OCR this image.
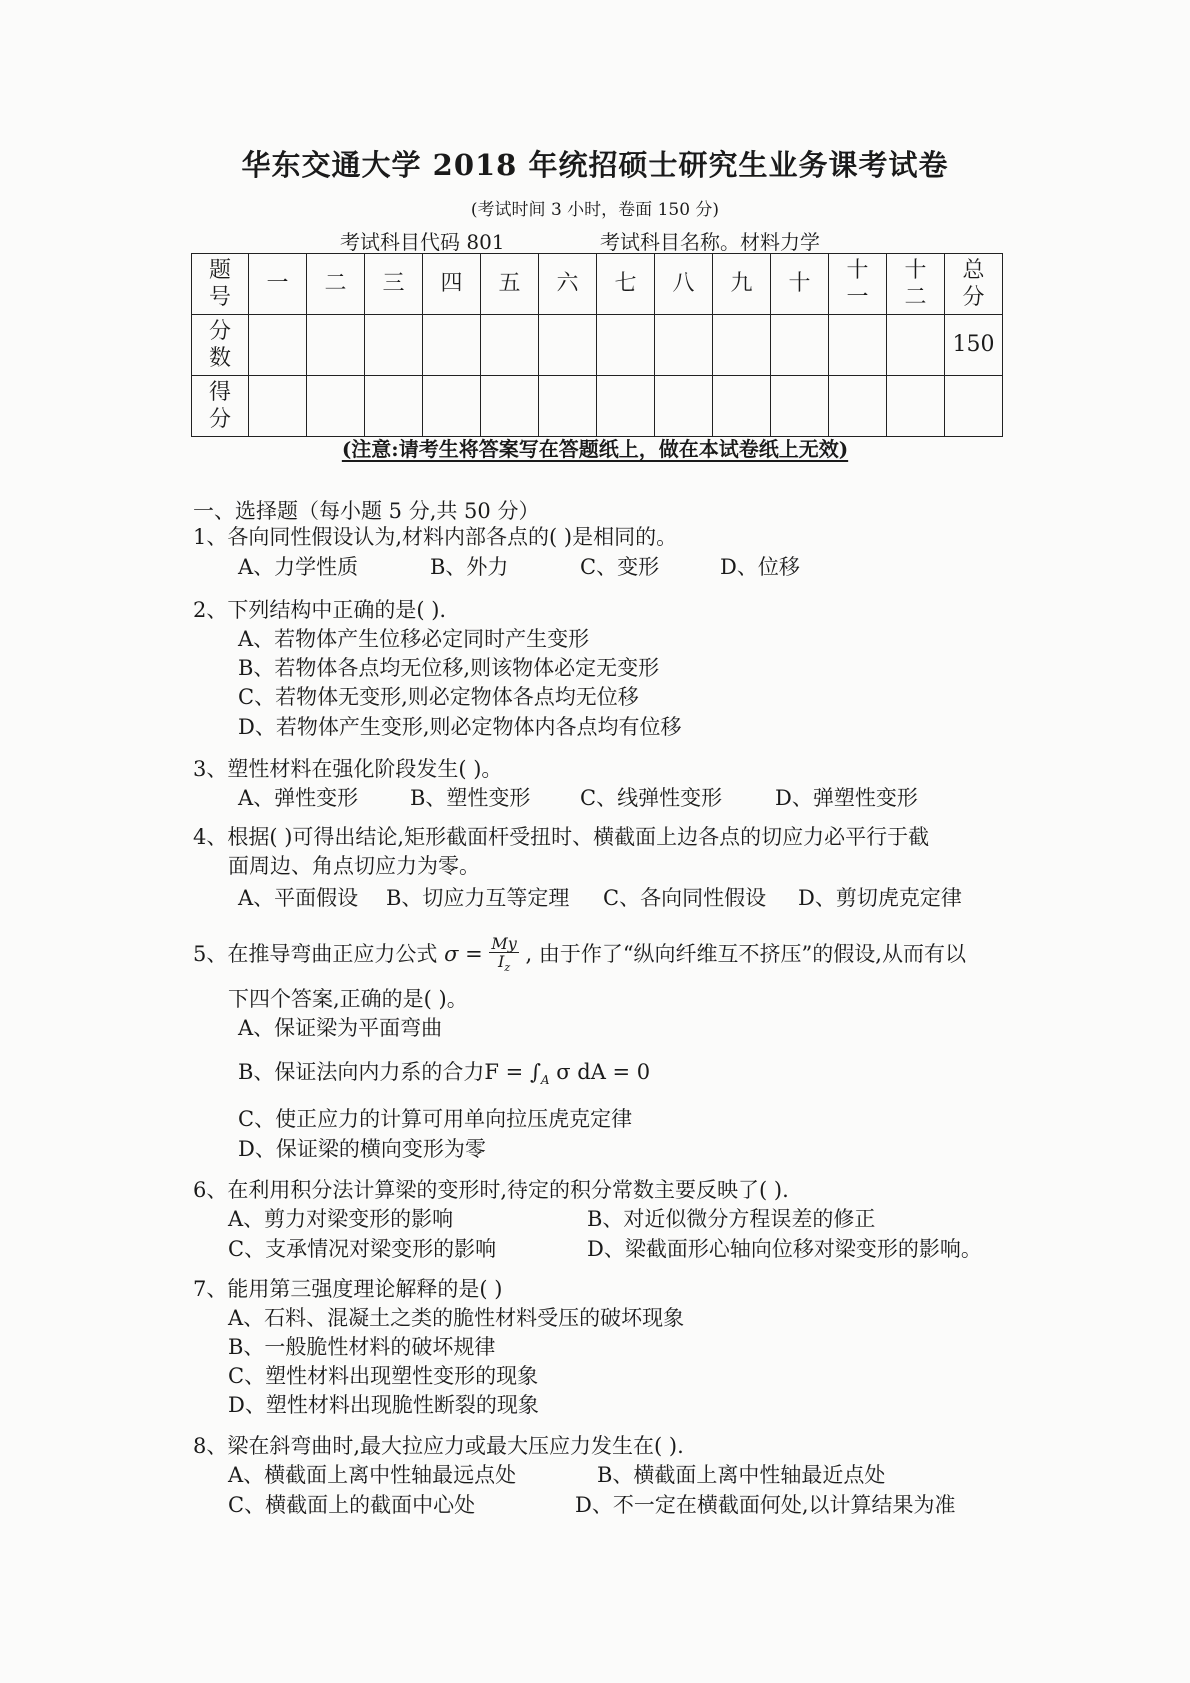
华东交通大学 2018 年统招硕士研究生业务课考试卷
(考试时间 3 小时，卷面 150 分)
考试科目代码 801	考试科目名称。材料力学
题号	一	二	三	四	五	六	七	八	九	十	十一	十二	总分
分数													150
得分													
(注意:请考生将答案写在答题纸上，做在本试卷纸上无效)
一、选择题（每小题 5 分,共 50 分）
1、各向同性假设认为,材料内部各点的( )是相同的。
A、力学性质	B、外力	C、变形	D、位移
2、下列结构中正确的是( ).
A、若物体产生位移必定同时产生变形
B、若物体各点均无位移,则该物体必定无变形
C、若物体无变形,则必定物体各点均无位移
D、若物体产生变形,则必定物体内各点均有位移
3、塑性材料在强化阶段发生( )。
A、弹性变形 B、塑性变形 C、线弹性变形	D、弹塑性变形
4、根据( )可得出结论,矩形截面杆受扭时、横截面上边各点的切应力必平行于截
面周边、角点切应力为零。
A、平面假设 B、切应力互等定理 C、各向同性假设 D、剪切虎克定律
5、在推导弯曲正应力公式 $\sigma = \frac{My}{I_z}$ , 由于作了“纵向纤维互不挤压”的假设,从而有以
下四个答案,正确的是( )。
A、保证梁为平面弯曲
B、保证法向内力系的合力$F = \int_A$ σ dA = 0
C、使正应力的计算可用单向拉压虎克定律
D、保证梁的横向变形为零
6、在利用积分法计算梁的变形时,待定的积分常数主要反映了( ).
A、剪力对梁变形的影响	B、对近似微分方程误差的修正
C、支承情况对梁变形的影响	D、梁截面形心轴向位移对梁变形的影响。
7、能用第三强度理论解释的是( )
A、石料、混凝土之类的脆性材料受压的破坏现象
B、一般脆性材料的破坏规律
C、塑性材料出现塑性变形的现象
D、塑性材料出现脆性断裂的现象
8、梁在斜弯曲时,最大拉应力或最大压应力发生在( ).
A、横截面上离中性轴最远点处	B、横截面上离中性轴最近点处
C、横截面上的截面中心处	D、不一定在横截面何处,以计算结果为准
